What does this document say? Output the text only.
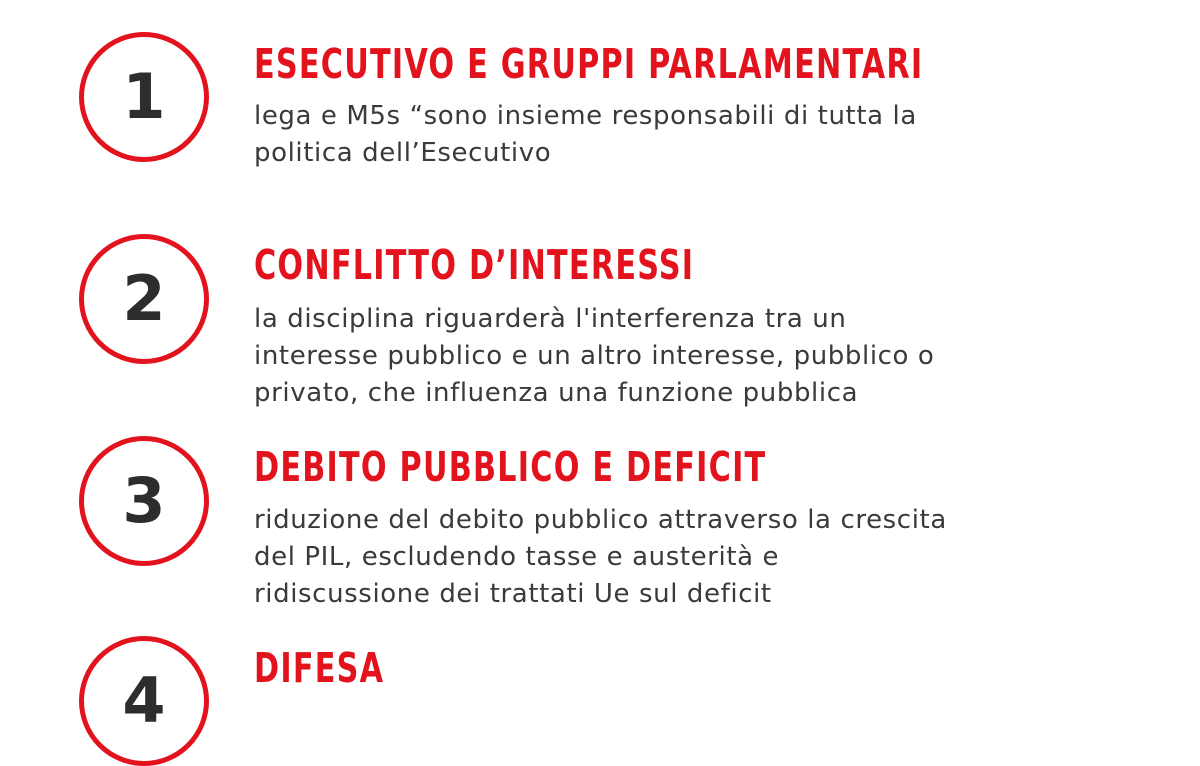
1 ESECUTIVO E GRUPPI PARLAMENTARI

lega e M5s “sono insieme responsabili di tutta la
politica dell’Esecutivo

2 CONFLITTO D’INTERESSI

la disciplina riguarderà l'interferenza tra un
interesse pubblico e un altro interesse, pubblico o
privato, che influenza una funzione pubblica

3 DEBITO PUBBLICO E DEFICIT

riduzione del debito pubblico attraverso la crescita
del PIL, escludendo tasse e austerità e
ridiscussione dei trattati Ue sul deficit

4 DIFESA
